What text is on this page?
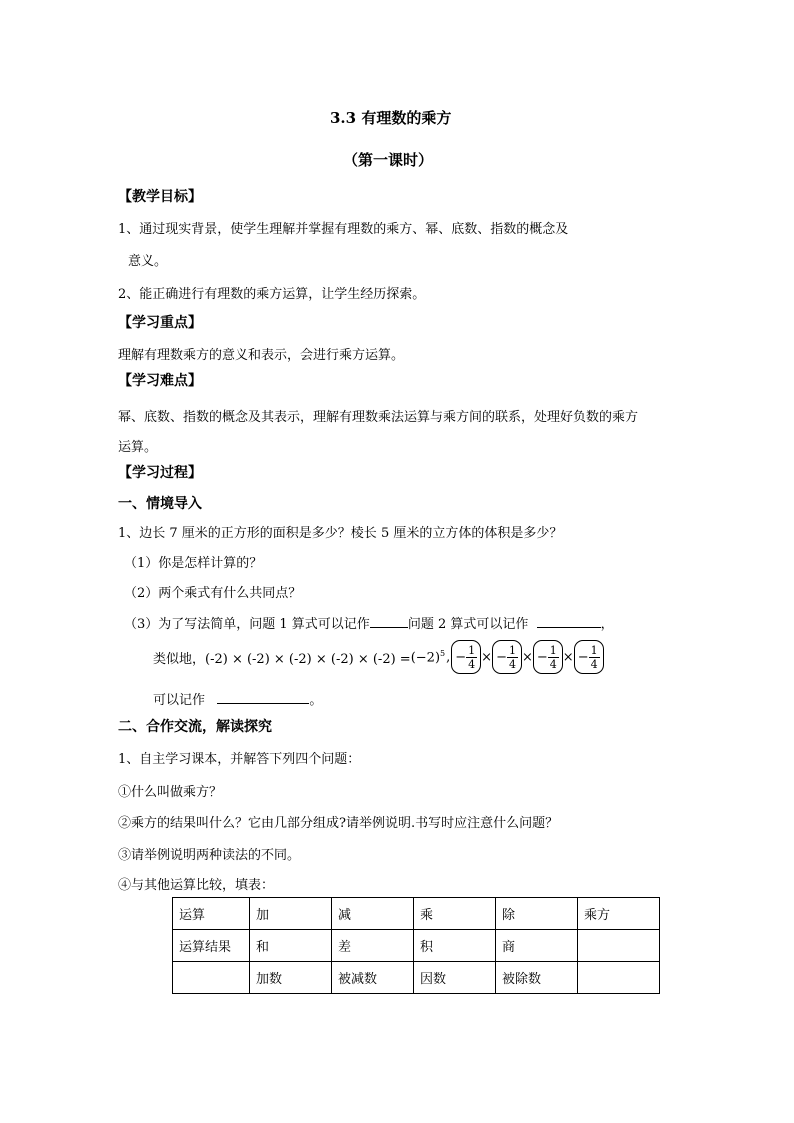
3.3 有理数的乘方
（第一课时）
【教学目标】
1、通过现实背景，使学生理解并掌握有理数的乘方、幂、底数、指数的概念及
意义。
2、能正确进行有理数的乘方运算，让学生经历探索。
【学习重点】
理解有理数乘方的意义和表示，会进行乘方运算。
【学习难点】
幂、底数、指数的概念及其表示，理解有理数乘法运算与乘方间的联系，处理好负数的乘方
运算。
【学习过程】
一、情境导入
1、边长 7 厘米的正方形的面积是多少？棱长 5 厘米的立方体的体积是多少？
（1）你是怎样计算的？
（2）两个乘式有什么共同点？
（3）为了写法简单，问题 1 算式可以记作	问题 2 算式可以记作	，
类似地，$(-2) \times (-2) \times (-2) \times (-2) \times (-2) = (-2)^5$ , − $\frac{1}{4}$ × − $\frac{1}{4}$ × − $\frac{1}{4}$ × − $\frac{1}{4}$
可以记作	。
二、合作交流，解读探究
1、自主学习课本，并解答下列四个问题：
①什么叫做乘方？
②乘方的结果叫什么？它由几部分组成?请举例说明.书写时应注意什么问题？
③请举例说明两种读法的不同。
④与其他运算比较，填表：
运算	加	减	乘	除	乘方
运算结果	和	差	积	商	
	加数	被减数	因数	被除数	
